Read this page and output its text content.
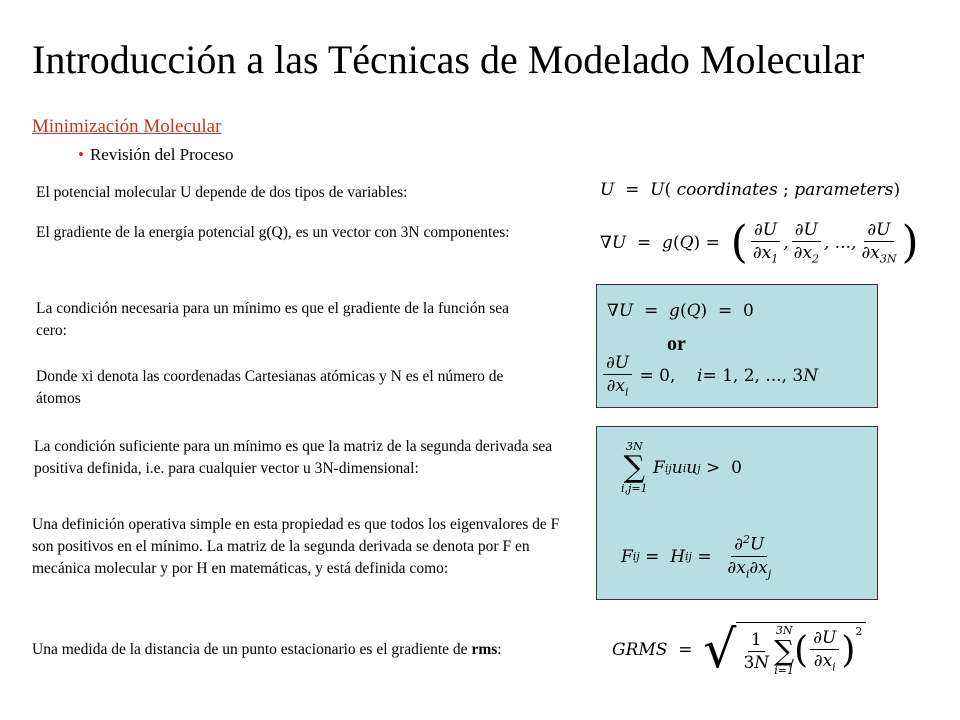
Introducción a las Técnicas de Modelado Molecular
Minimización Molecular
• Revisión del Proceso
El potencial molecular U depende de dos tipos de variables:
El gradiente de la energía potencial g(Q), es un vector con 3N componentes:
La condición necesaria para un mínimo es que el gradiente de la función sea cero:
Donde xi denota las coordenadas Cartesianas atómicas y N es el número de átomos
La condición suficiente para un mínimo es que la matriz de la segunda derivada sea positiva definida, i.e. para cualquier vector u 3N-dimensional:
Una definición operativa simple en esta propiedad es que todos los eigenvalores de F son positivos en el mínimo. La matriz de la segunda derivada se denota por F en mecánica molecular y por H en matemáticas, y está definida como:
Una medida de la distancia de un punto estacionario es el gradiente de rms:
U  =  U( coordinates ; parameters)
∇ U  =  g ( Q ) = ( $\frac{\partial U}{\partial x_1}$ , $\frac{\partial U}{\partial x_2}$ , ..., $\frac{\partial U}{\partial x_{3N}}$ )
∇U  =  g(Q)  =  0
or
$\frac{\partial U}{\partial x_i} = 0$, i = 1, 2, ..., 3 N
3N
∑
i,j=1
F ij u i u j
>  0
F ij =  H ij = $\frac{\partial^2U}{\partial x_i\partial x_j}$
GRMS = √ $\frac{1}{3N} 3N$
∑
i=1 ( $\frac{\partial U}{\partial x_i} )^2$
